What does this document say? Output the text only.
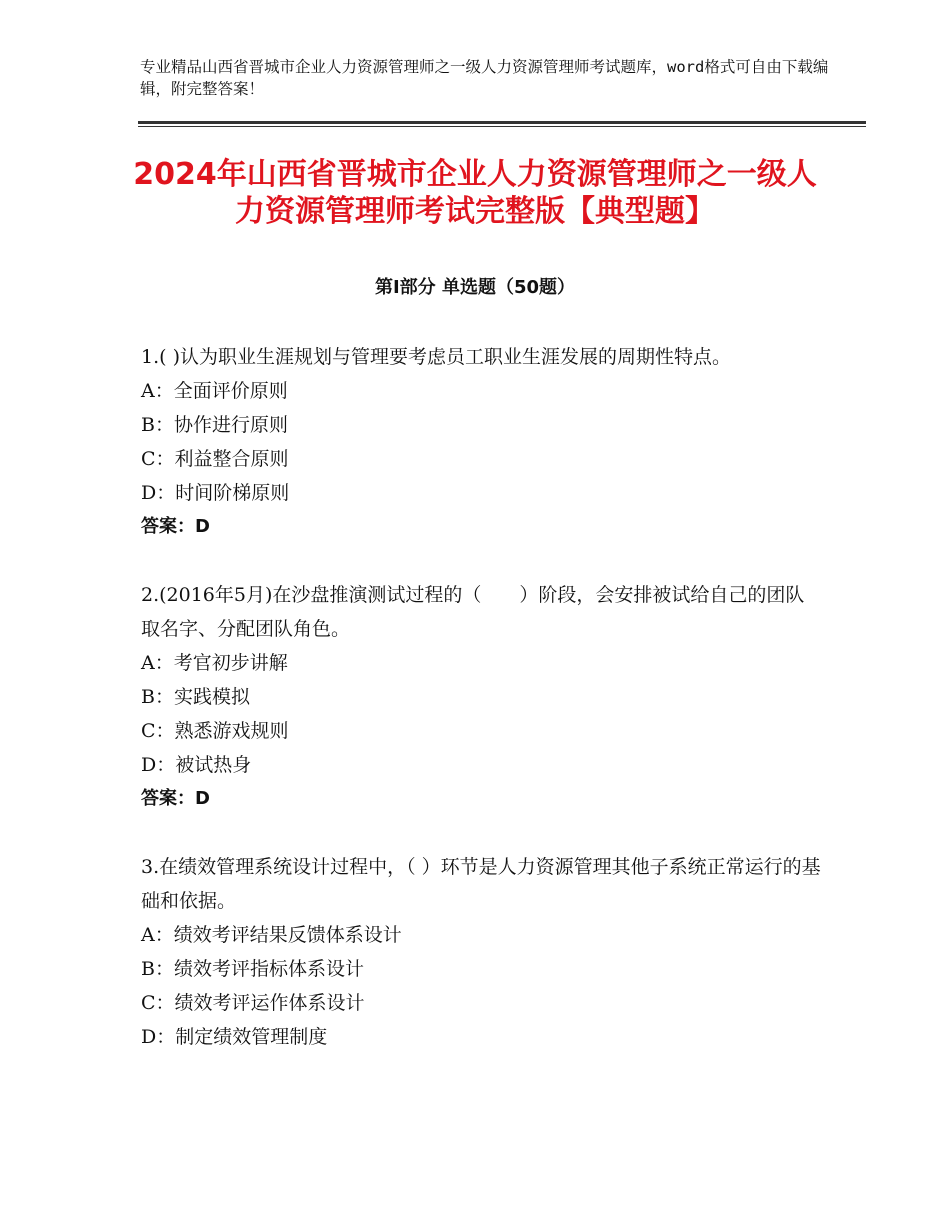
专业精品山西省晋城市企业人力资源管理师之一级人力资源管理师考试题库，word格式可自由下载编辑，附完整答案！
2024年山西省晋城市企业人力资源管理师之一级人力资源管理师考试完整版【典型题】
第Ⅰ部分 单选题（50题）
1.( )认为职业生涯规划与管理要考虑员工职业生涯发展的周期性特点。
A：全面评价原则
B：协作进行原则
C：利益整合原则
D：时间阶梯原则
答案：D
2.(2016年5月)在沙盘推演测试过程的（　　）阶段，会安排被试给自己的团队取名字、分配团队角色。
A：考官初步讲解
B：实践模拟
C：熟悉游戏规则
D：被试热身
答案：D
3.在绩效管理系统设计过程中，（ ）环节是人力资源管理其他子系统正常运行的基础和依据。
A：绩效考评结果反馈体系设计
B：绩效考评指标体系设计
C：绩效考评运作体系设计
D：制定绩效管理制度
